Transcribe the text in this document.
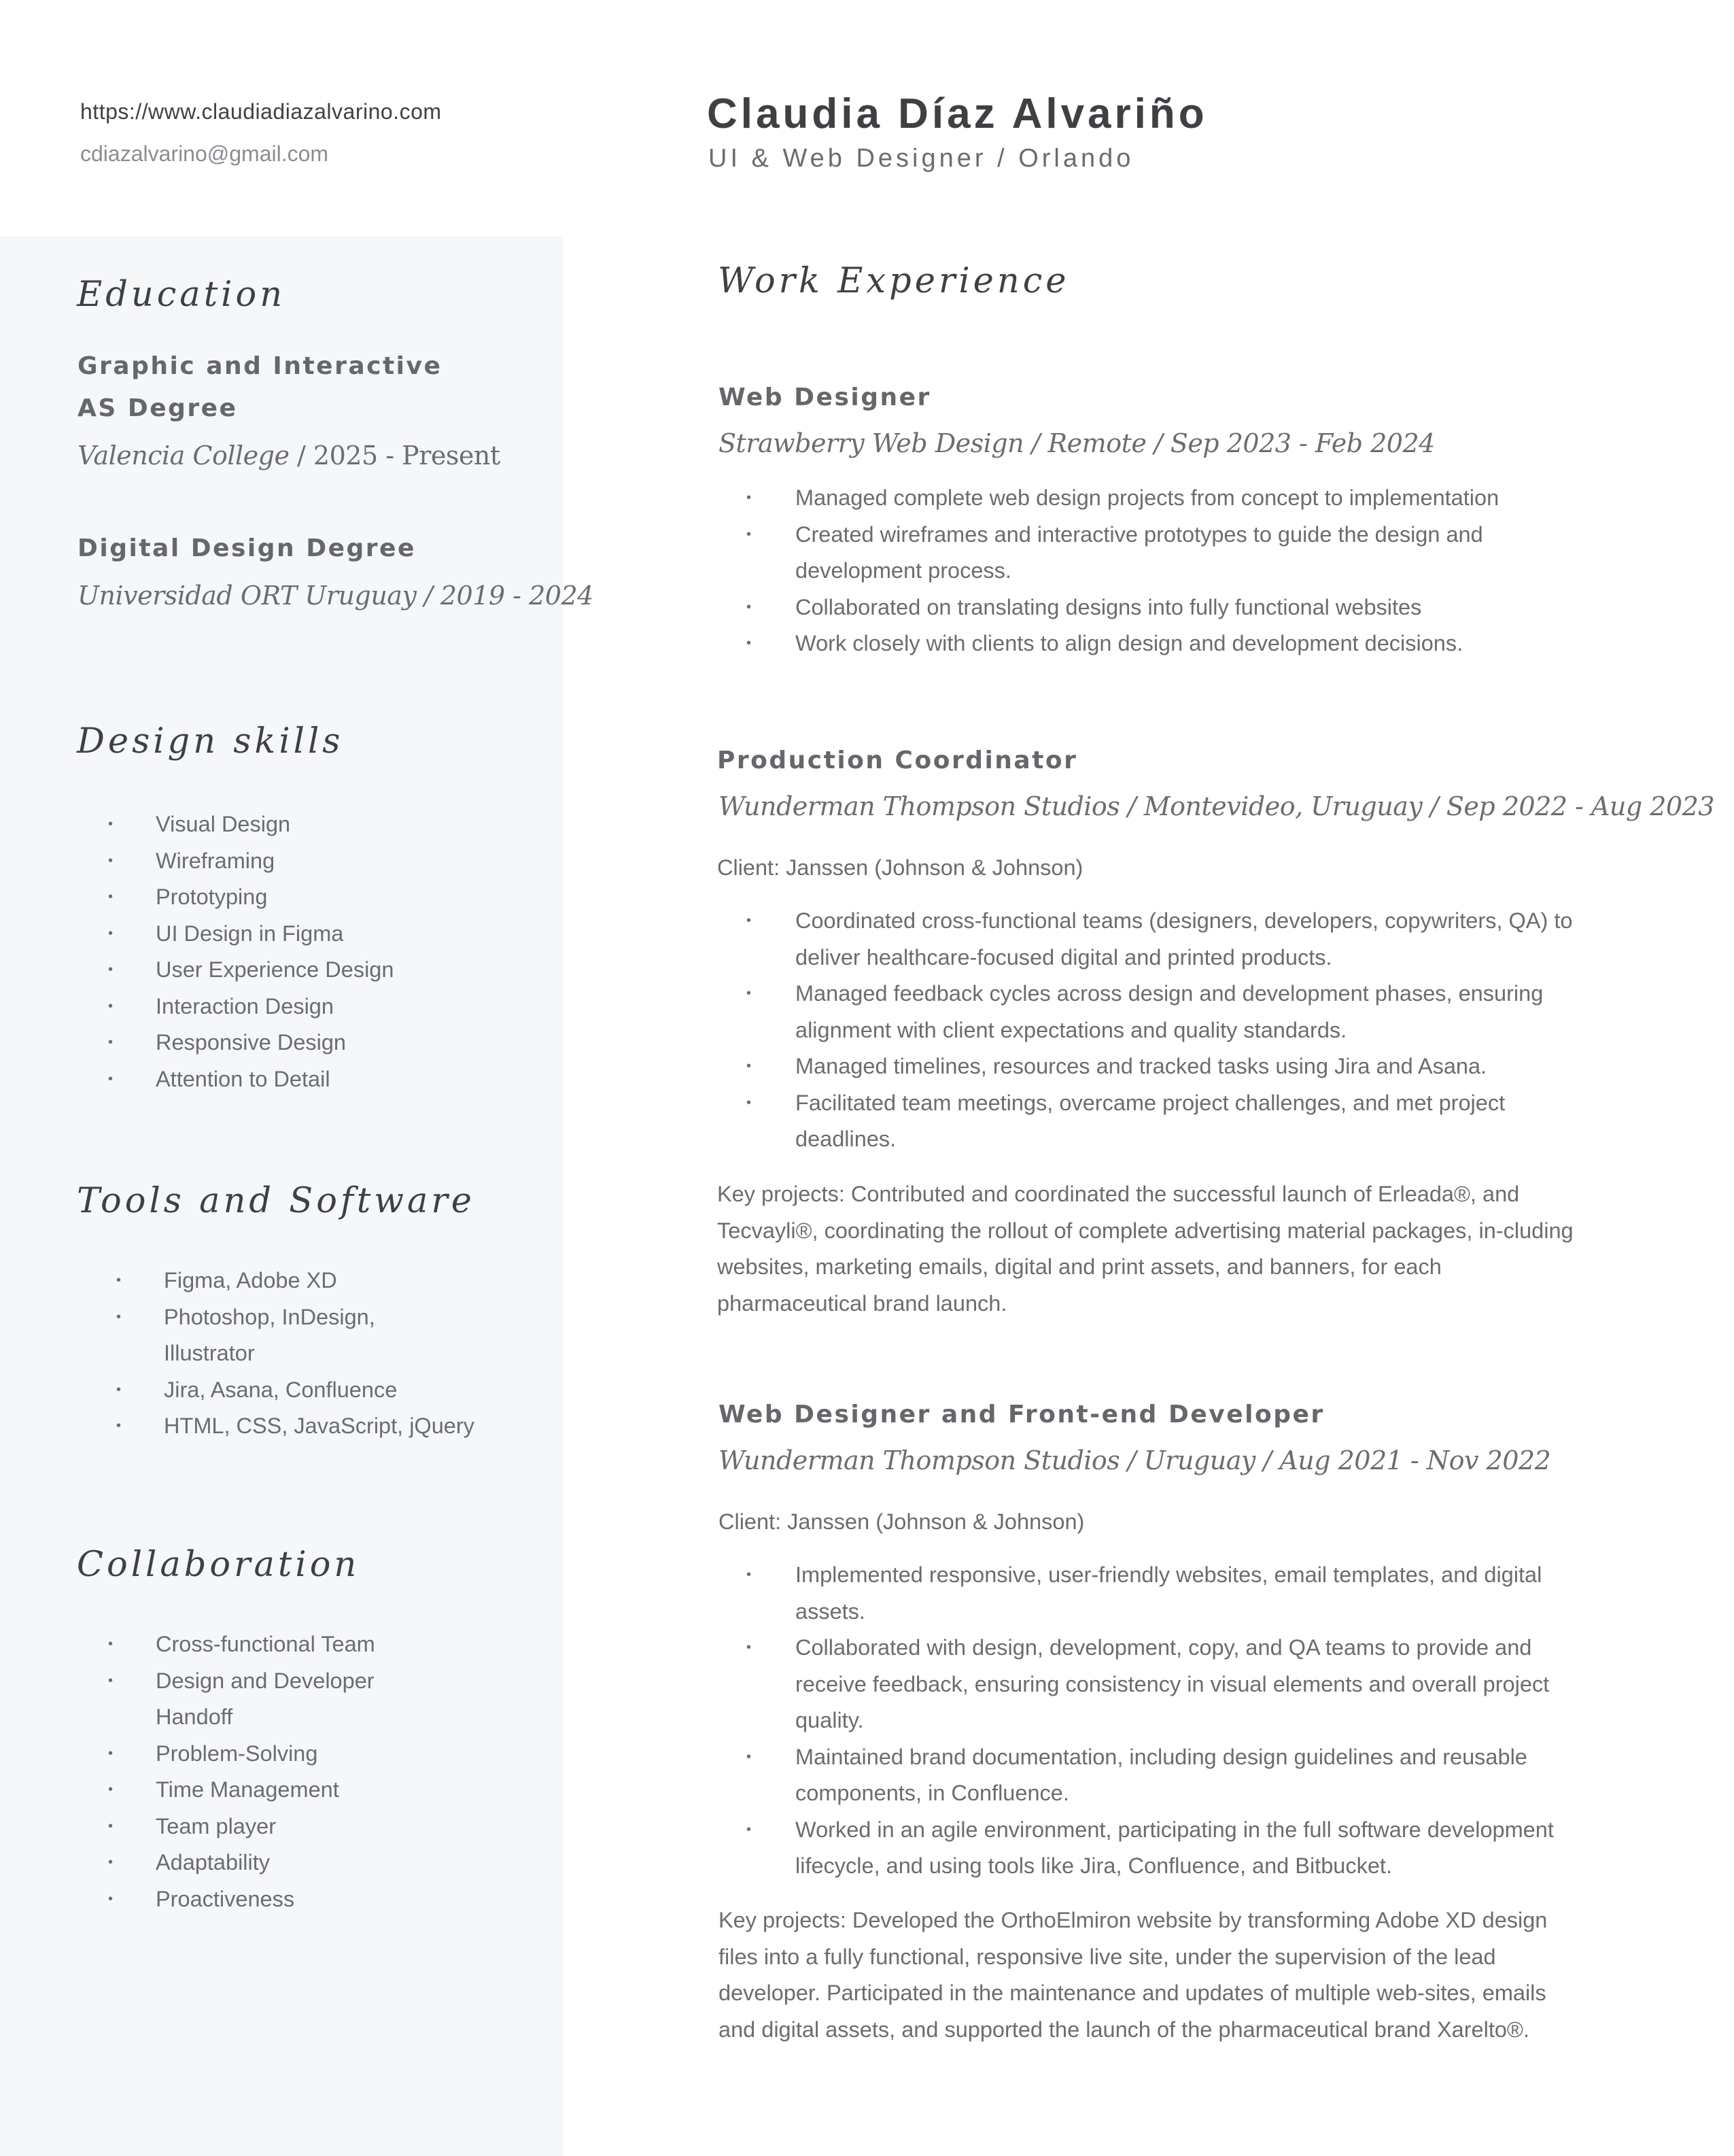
https://www.claudiadiazalvarino.com
cdiazalvarino@gmail.com
Claudia Díaz Alvariño
UI & Web Designer / Orlando
Education
Graphic and Interactive
AS Degree
Valencia College / 2025 - Present
Digital Design Degree
Universidad ORT Uruguay / 2019 - 2024
Design skills
• Visual Design
• Wireframing
• Prototyping
• UI Design in Figma
• User Experience Design
• Interaction Design
• Responsive Design
• Attention to Detail
Tools and Software
• Figma, Adobe XD
• Photoshop, InDesign, Illustrator
• Jira, Asana, Confluence
• HTML, CSS, JavaScript, jQuery
Collaboration
• Cross-functional Team
• Design and Developer Handoff
• Problem-Solving
• Time Management
• Team player
• Adaptability
• Proactiveness
Work Experience
Web Designer
Strawberry Web Design / Remote / Sep 2023 - Feb 2024
• Managed complete web design projects from concept to implementation
• Created wireframes and interactive prototypes to guide the design and development process.
• Collaborated on translating designs into fully functional websites
• Work closely with clients to align design and development decisions.
Production Coordinator
Wunderman Thompson Studios / Montevideo, Uruguay / Sep 2022 - Aug 2023
Client: Janssen (Johnson & Johnson)
• Coordinated cross-functional teams (designers, developers, copywriters, QA) to deliver healthcare-focused digital and printed products.
• Managed feedback cycles across design and development phases, ensuring alignment with client expectations and quality standards.
• Managed timelines, resources and tracked tasks using Jira and Asana.
• Facilitated team meetings, overcame project challenges, and met project deadlines.
Key projects: Contributed and coordinated the successful launch of Erleada®, and Tecvayli®, coordinating the rollout of complete advertising material packages, in-cluding websites, marketing emails, digital and print assets, and banners, for each pharmaceutical brand launch.
Web Designer and Front-end Developer
Wunderman Thompson Studios / Uruguay / Aug 2021 - Nov 2022
Client: Janssen (Johnson & Johnson)
• Implemented responsive, user-friendly websites, email templates, and digital assets.
• Collaborated with design, development, copy, and QA teams to provide and receive feedback, ensuring consistency in visual elements and overall project quality.
• Maintained brand documentation, including design guidelines and reusable components, in Confluence.
• Worked in an agile environment, participating in the full software development lifecycle, and using tools like Jira, Confluence, and Bitbucket.
Key projects: Developed the OrthoElmiron website by transforming Adobe XD design files into a fully functional, responsive live site, under the supervision of the lead developer. Participated in the maintenance and updates of multiple web-sites, emails and digital assets, and supported the launch of the pharmaceutical brand Xarelto®.
